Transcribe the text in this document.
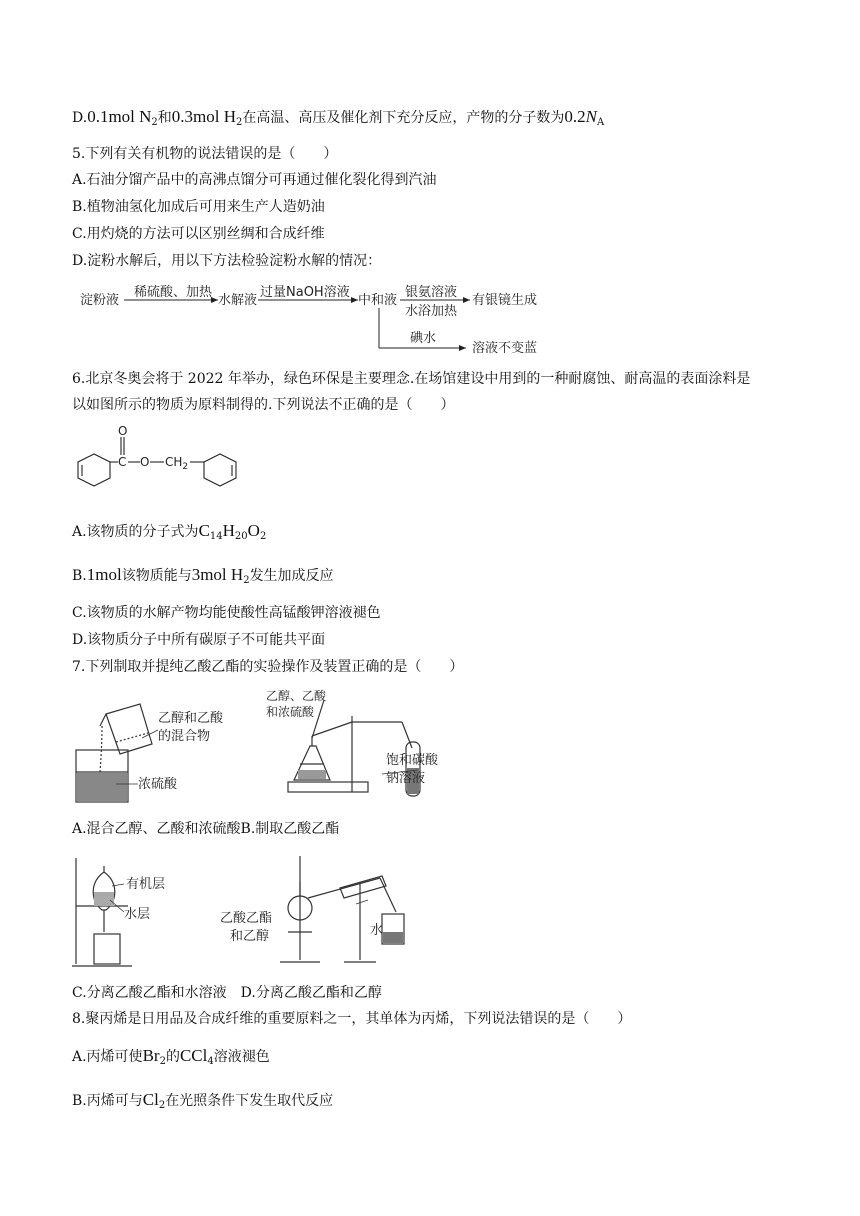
D.0.1mol $N_2$和0.3mol $H_2$在高温、高压及催化剂下充分反应，产物的分子数为$0.2N_A$
5.下列有关有机物的说法错误的是（　　）
A.石油分馏产品中的高沸点馏分可再通过催化裂化得到汽油
B.植物油氢化加成后可用来生产人造奶油
C.用灼烧的方法可以区别丝绸和合成纤维
D.淀粉水解后，用以下方法检验淀粉水解的情况：
淀粉液
稀硫酸、加热
水解液
过量NaOH溶液
中和液
银氨溶液
水浴加热
有银镜生成
碘水
溶液不变蓝
6.北京冬奥会将于 2022 年举办，绿色环保是主要理念.在场馆建设中用到的一种耐腐蚀、耐高温的表面涂料是
以如图所示的物质为原料制得的.下列说法不正确的是（　　）
O
C O $CH_2$
A.该物质的分子式为$C_{14}H_{20}O_2$
B.1mol该物质能与3mol $H_2$发生加成反应
C.该物质的水解产物均能使酸性高锰酸钾溶液褪色
D.该物质分子中所有碳原子不可能共平面
7.下列制取并提纯乙酸乙酯的实验操作及装置正确的是（　　）
乙醇和乙酸
的混合物
浓硫酸
乙醇、乙酸
和浓硫酸
饱和碳酸
钠溶液
A.混合乙醇、乙酸和浓硫酸B.制取乙酸乙酯
有机层
水层	乙酸乙酯
和乙醇	水
C.分离乙酸乙酯和水溶液　D.分离乙酸乙酯和乙醇
8.聚丙烯是日用品及合成纤维的重要原料之一，其单体为丙烯，下列说法错误的是（　　）
A.丙烯可使$Br_2$的CCl$_4$溶液褪色
B.丙烯可与$Cl_2$在光照条件下发生取代反应
